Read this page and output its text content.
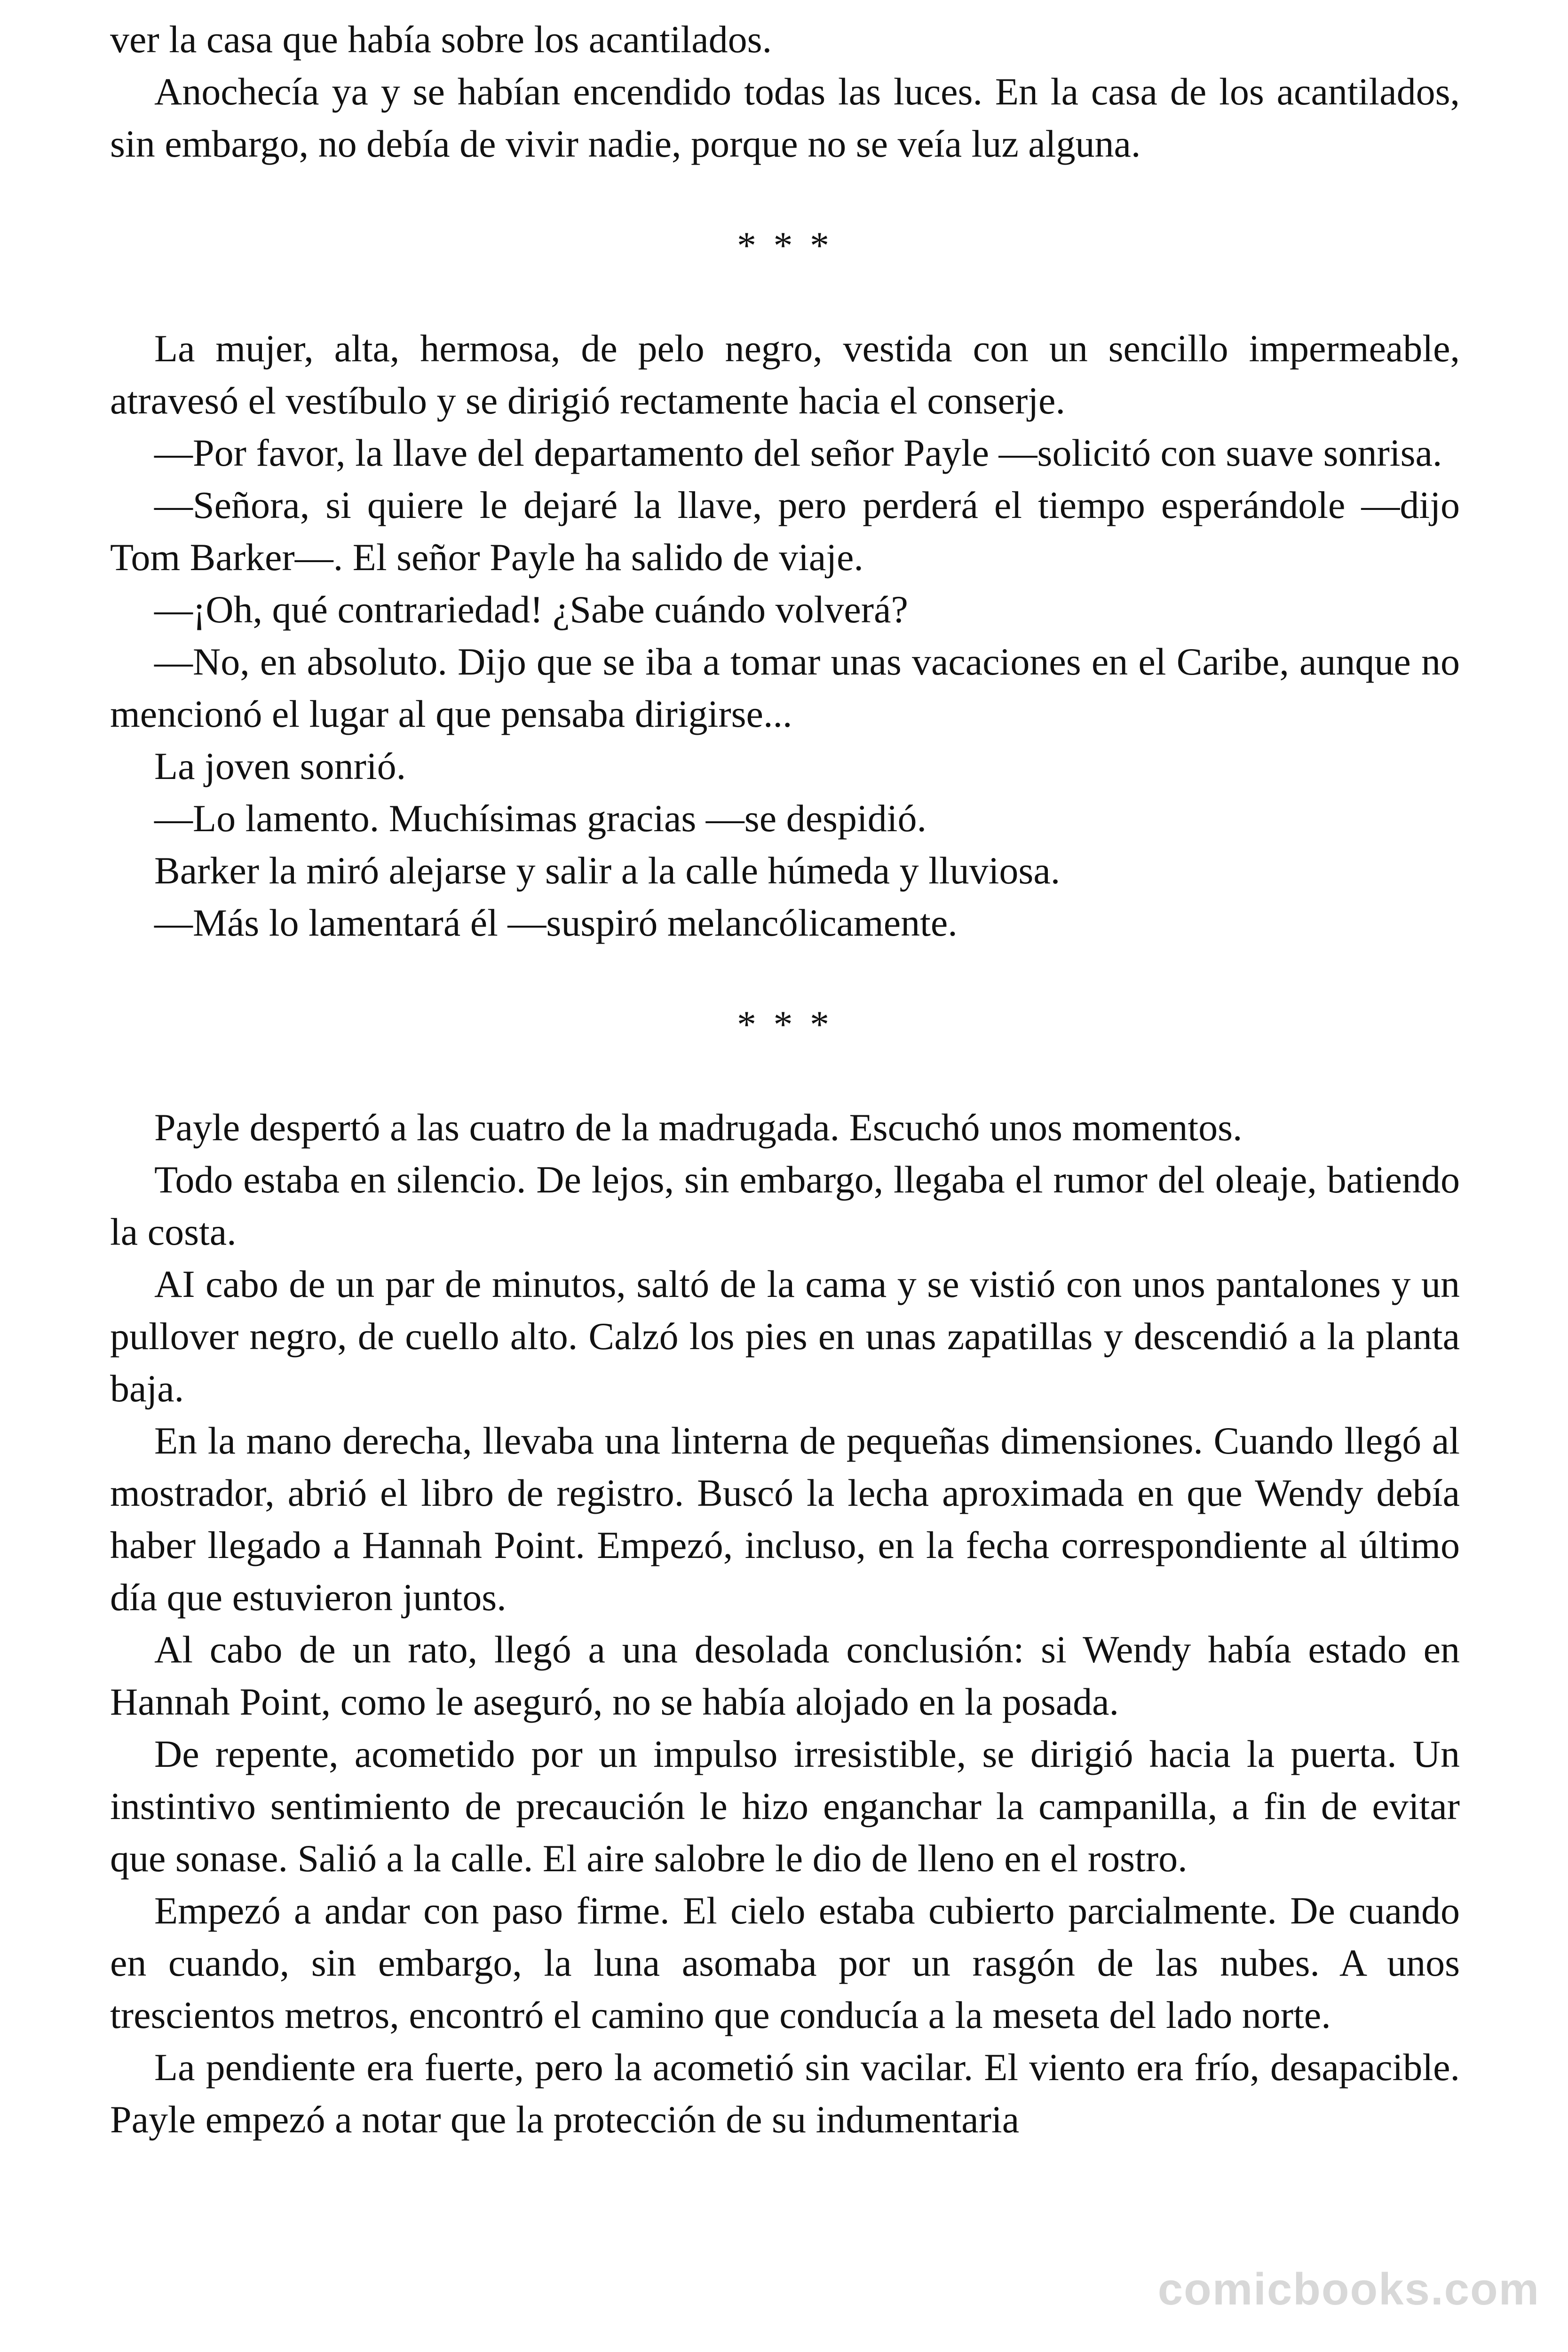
ver la casa que había sobre los acantilados.

Anochecía ya y se habían encendido todas las luces. En la casa de los acantilados, sin embargo, no debía de vivir nadie, porque no se veía luz alguna.

* * *

La mujer, alta, hermosa, de pelo negro, vestida con un sencillo impermeable, atravesó el vestíbulo y se dirigió rectamente hacia el conserje.

—Por favor, la llave del departamento del señor Payle —solicitó con suave sonrisa.

—Señora, si quiere le dejaré la llave, pero perderá el tiempo esperándole —dijo Tom Barker—. El señor Payle ha salido de viaje.

—¡Oh, qué contrariedad! ¿Sabe cuándo volverá?

—No, en absoluto. Dijo que se iba a tomar unas vacaciones en el Caribe, aunque no mencionó el lugar al que pensaba dirigirse...

La joven sonrió.

—Lo lamento. Muchísimas gracias —se despidió.

Barker la miró alejarse y salir a la calle húmeda y lluviosa.

—Más lo lamentará él —suspiró melancólicamente.

* * *

Payle despertó a las cuatro de la madrugada. Escuchó unos momentos.

Todo estaba en silencio. De lejos, sin embargo, llegaba el rumor del oleaje, batiendo la costa.

AI cabo de un par de minutos, saltó de la cama y se vistió con unos pantalones y un pullover negro, de cuello alto. Calzó los pies en unas zapatillas y descendió a la planta baja.

En la mano derecha, llevaba una linterna de pequeñas dimensiones. Cuando llegó al mostrador, abrió el libro de registro. Buscó la lecha aproximada en que Wendy debía haber llegado a Hannah Point. Empezó, incluso, en la fecha correspondiente al último día que estuvieron juntos.

Al cabo de un rato, llegó a una desolada conclusión: si Wendy había estado en Hannah Point, como le aseguró, no se había alojado en la posada.

De repente, acometido por un impulso irresistible, se dirigió hacia la puerta. Un instintivo sentimiento de precaución le hizo enganchar la campanilla, a fin de evitar que sonase. Salió a la calle. El aire salobre le dio de lleno en el rostro.

Empezó a andar con paso firme. El cielo estaba cubierto parcialmente. De cuando en cuando, sin embargo, la luna asomaba por un rasgón de las nubes. A unos trescientos metros, encontró el camino que conducía a la meseta del lado norte.

La pendiente era fuerte, pero la acometió sin vacilar. El viento era frío, desapacible. Payle empezó a notar que la protección de su indumentaria

comicbooks.com
